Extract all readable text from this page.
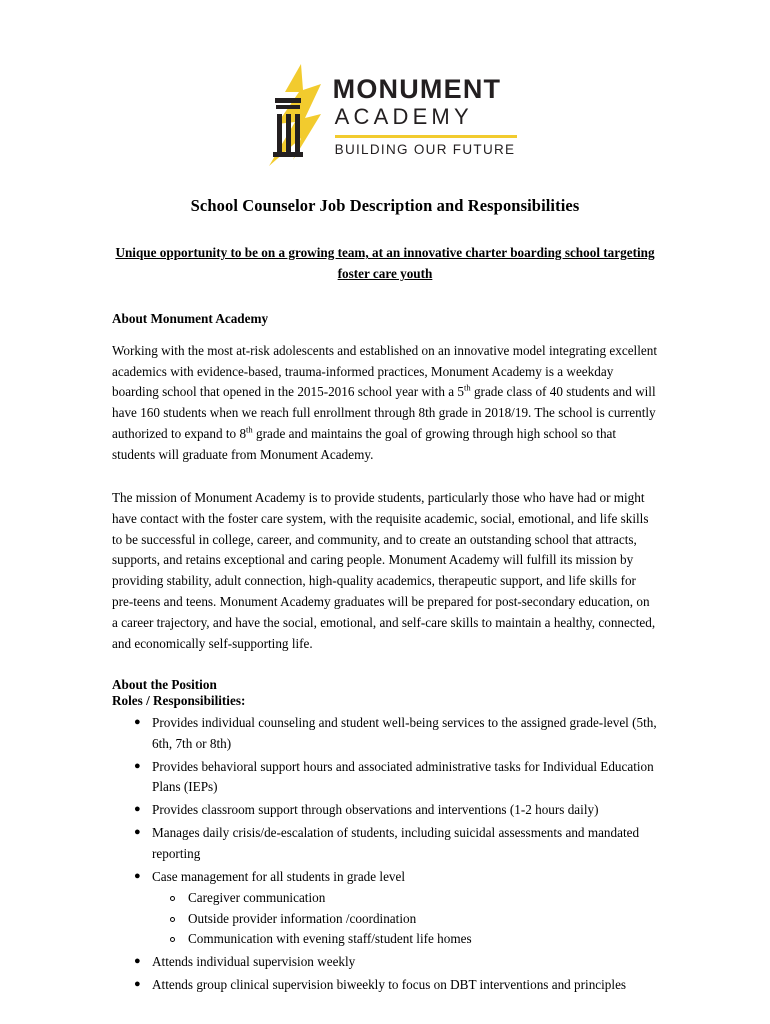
MONUMENT
ACADEMY
BUILDING OUR FUTURE
School Counselor Job Description and Responsibilities
Unique opportunity to be on a growing team, at an innovative charter boarding school targeting foster care youth
About Monument Academy

Working with the most at-risk adolescents and established on an innovative model integrating excellent academics with evidence-based, trauma-informed practices, Monument Academy is a weekday boarding school that opened in the 2015-2016 school year with a 5th grade class of 40 students and will have 160 students when we reach full enrollment through 8th grade in 2018/19. The school is currently authorized to expand to 8th grade and maintains the goal of growing through high school so that students will graduate from Monument Academy.

The mission of Monument Academy is to provide students, particularly those who have had or might have contact with the foster care system, with the requisite academic, social, emotional, and life skills to be successful in college, career, and community, and to create an outstanding school that attracts, supports, and retains exceptional and caring people. Monument Academy will fulfill its mission by providing stability, adult connection, high-quality academics, therapeutic support, and life skills for pre-teens and teens. Monument Academy graduates will be prepared for post-secondary education, on a career trajectory, and have the social, emotional, and self-care skills to maintain a healthy, connected, and economically self-supporting life.

About the Position
Roles / Responsibilities:
● Provides individual counseling and student well-being services to the assigned grade-level (5th, 6th, 7th or 8th)
● Provides behavioral support hours and associated administrative tasks for Individual Education Plans (IEPs)
● Provides classroom support through observations and interventions (1-2 hours daily)
● Manages daily crisis/de-escalation of students, including suicidal assessments and mandated reporting
● Case management for all students in grade level
Caregiver communication
Outside provider information /coordination
Communication with evening staff/student life homes
● Attends individual supervision weekly
● Attends group clinical supervision biweekly to focus on DBT interventions and principles
